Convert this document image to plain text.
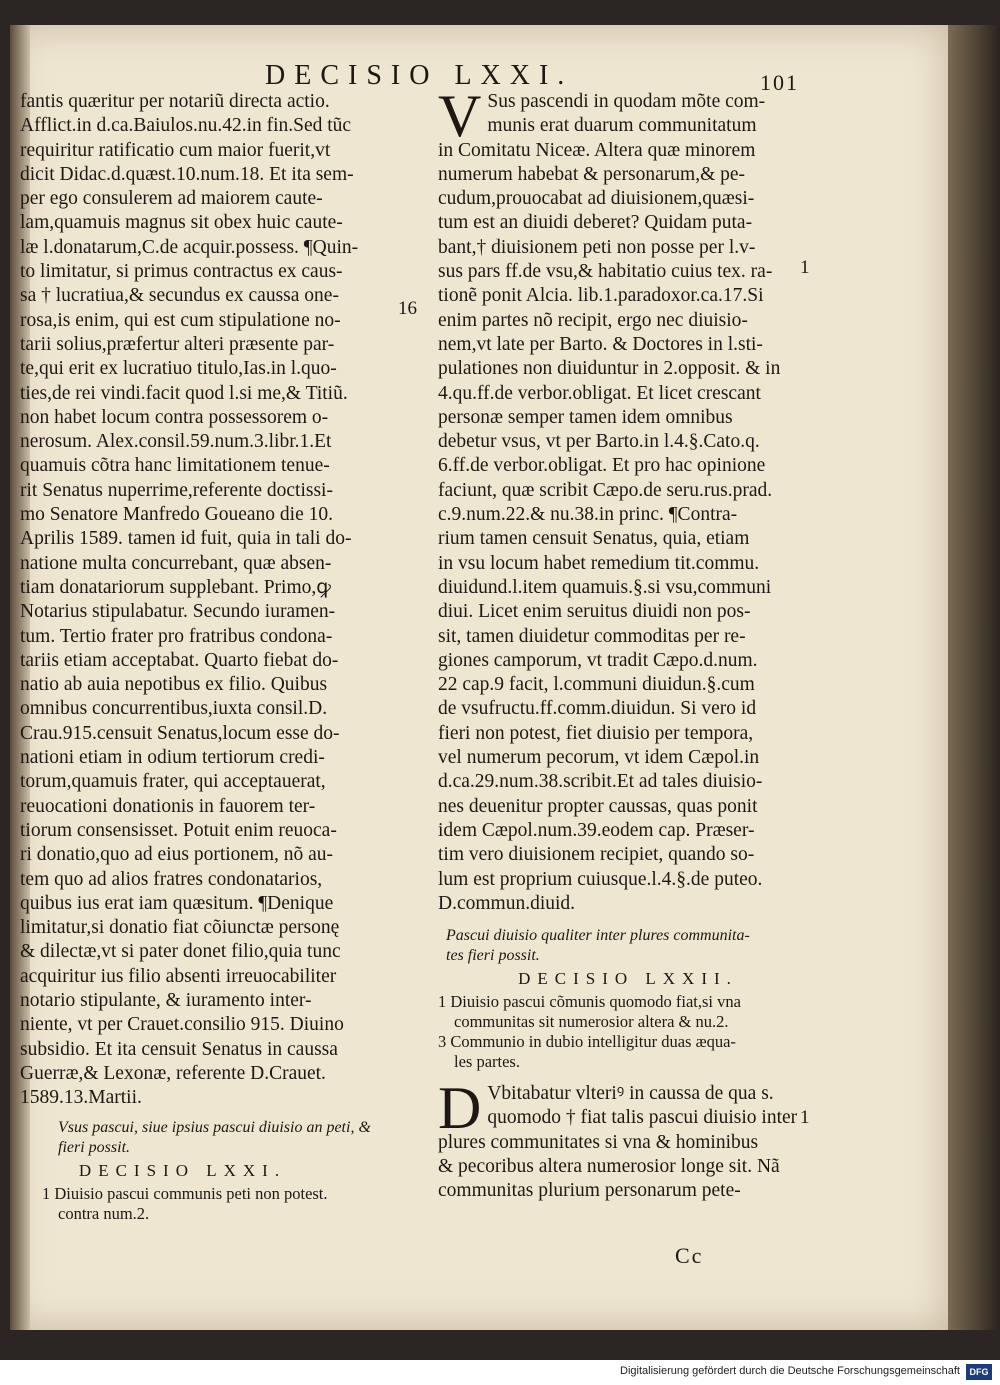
DECISIO LXXI.	101
fantis quæritur per notariũ directa actio.
Afflict.in d.ca.Baiulos.nu.42.in fin.Sed tũc
requiritur ratificatio cum maior fuerit,vt
dicit Didac.d.quæst.10.num.18. Et ita sem-
per ego consulerem ad maiorem caute-
lam,quamuis magnus sit obex huic caute-
læ l.donatarum,C.de acquir.possess. ¶Quin-
to limitatur, si primus contractus ex caus-
sa † lucratiua,& secundus ex caussa one-
rosa,is enim, qui est cum stipulatione no-
tarii solius,præfertur alteri præsente par-
te,qui erit ex lucratiuo titulo,Ias.in l.quo-
ties,de rei vindi.facit quod l.si me,& Titiũ.
non habet locum contra possessorem o-
nerosum. Alex.consil.59.num.3.libr.1.Et
quamuis cõtra hanc limitationem tenue-
rit Senatus nuperrime,referente doctissi-
mo Senatore Manfredo Goueano die 10.
Aprilis 1589. tamen id fuit, quia in tali do-
natione multa concurrebant, quæ absen-
tiam donatariorum supplebant. Primo,ꝙ
Notarius stipulabatur. Secundo iuramen-
tum. Tertio frater pro fratribus condona-
tariis etiam acceptabat. Quarto fiebat do-
natio ab auia nepotibus ex filio. Quibus
omnibus concurrentibus,iuxta consil.D.
Crau.915.censuit Senatus,locum esse do-
nationi etiam in odium tertiorum credi-
torum,quamuis frater, qui acceptauerat,
reuocationi donationis in fauorem ter-
tiorum consensisset. Potuit enim reuoca-
ri donatio,quo ad eius portionem, nõ au-
tem quo ad alios fratres condonatarios,
quibus ius erat iam quæsitum. ¶Denique
limitatur,si donatio fiat cõiunctæ personę
& dilectæ,vt si pater donet filio,quia tunc
acquiritur ius filio absenti irreuocabiliter
notario stipulante, & iuramento inter-
niente, vt per Crauet.consilio 915. Diuino
subsidio. Et ita censuit Senatus in caussa
Guerræ,& Lexonæ, referente D.Crauet.
1589.13.Martii.
Vsus pascui, siue ipsius pascui diuisio an peti, &
fieri possit.
DECISIO LXXI.
1 Diuisio pascui communis peti non potest.
contra num.2.
16
V Sus pascendi in quodam mõte com-
munis erat duarum communitatum
in Comitatu Niceæ. Altera quæ minorem
numerum habebat & personarum,& pe-
cudum,prouocabat ad diuisionem,quæsi-
tum est an diuidi deberet? Quidam puta-
bant,† diuisionem peti non posse per l.v-
sus pars ff.de vsu,& habitatio cuius tex. ra-
tionẽ ponit Alcia. lib.1.paradoxor.ca.17.Si
enim partes nõ recipit, ergo nec diuisio-
nem,vt late per Barto. & Doctores in l.sti-
pulationes non diuiduntur in 2.opposit. & in
4.qu.ff.de verbor.obligat. Et licet crescant
personæ semper tamen idem omnibus
debetur vsus, vt per Barto.in l.4.§.Cato.q.
6.ff.de verbor.obligat. Et pro hac opinione
faciunt, quæ scribit Cæpo.de seru.rus.prad.
c.9.num.22.& nu.38.in princ. ¶Contra-
rium tamen censuit Senatus, quia, etiam
in vsu locum habet remedium tit.commu.
diuidund.l.item quamuis.§.si vsu,communi
diui. Licet enim seruitus diuidi non pos-
sit, tamen diuidetur commoditas per re-
giones camporum, vt tradit Cæpo.d.num.
22 cap.9 facit, l.communi diuidun.§.cum
de vsufructu.ff.comm.diuidun. Si vero id
fieri non potest, fiet diuisio per tempora,
vel numerum pecorum, vt idem Cæpol.in
d.ca.29.num.38.scribit.Et ad tales diuisio-
nes deuenitur propter caussas, quas ponit
idem Cæpol.num.39.eodem cap. Præser-
tim vero diuisionem recipiet, quando so-
lum est proprium cuiusque.l.4.§.de puteo.
D.commun.diuid.
Pascui diuisio qualiter inter plures communita-
tes fieri possit.
DECISIO LXXII.
1 Diuisio pascui cõmunis quomodo fiat,si vna
communitas sit numerosior altera & nu.2.
3 Communio in dubio intelligitur duas æqua-
les partes.
D Vbitabatur vlteriꝰ in caussa de qua s.
quomodo † fiat talis pascui diuisio inter
plures communitates si vna & hominibus
& pecoribus altera numerosior longe sit. Nã
communitas plurium personarum pete-
1
1
Cc
Digitalisierung gefördert durch die Deutsche Forschungsgemeinschaft	DFG
